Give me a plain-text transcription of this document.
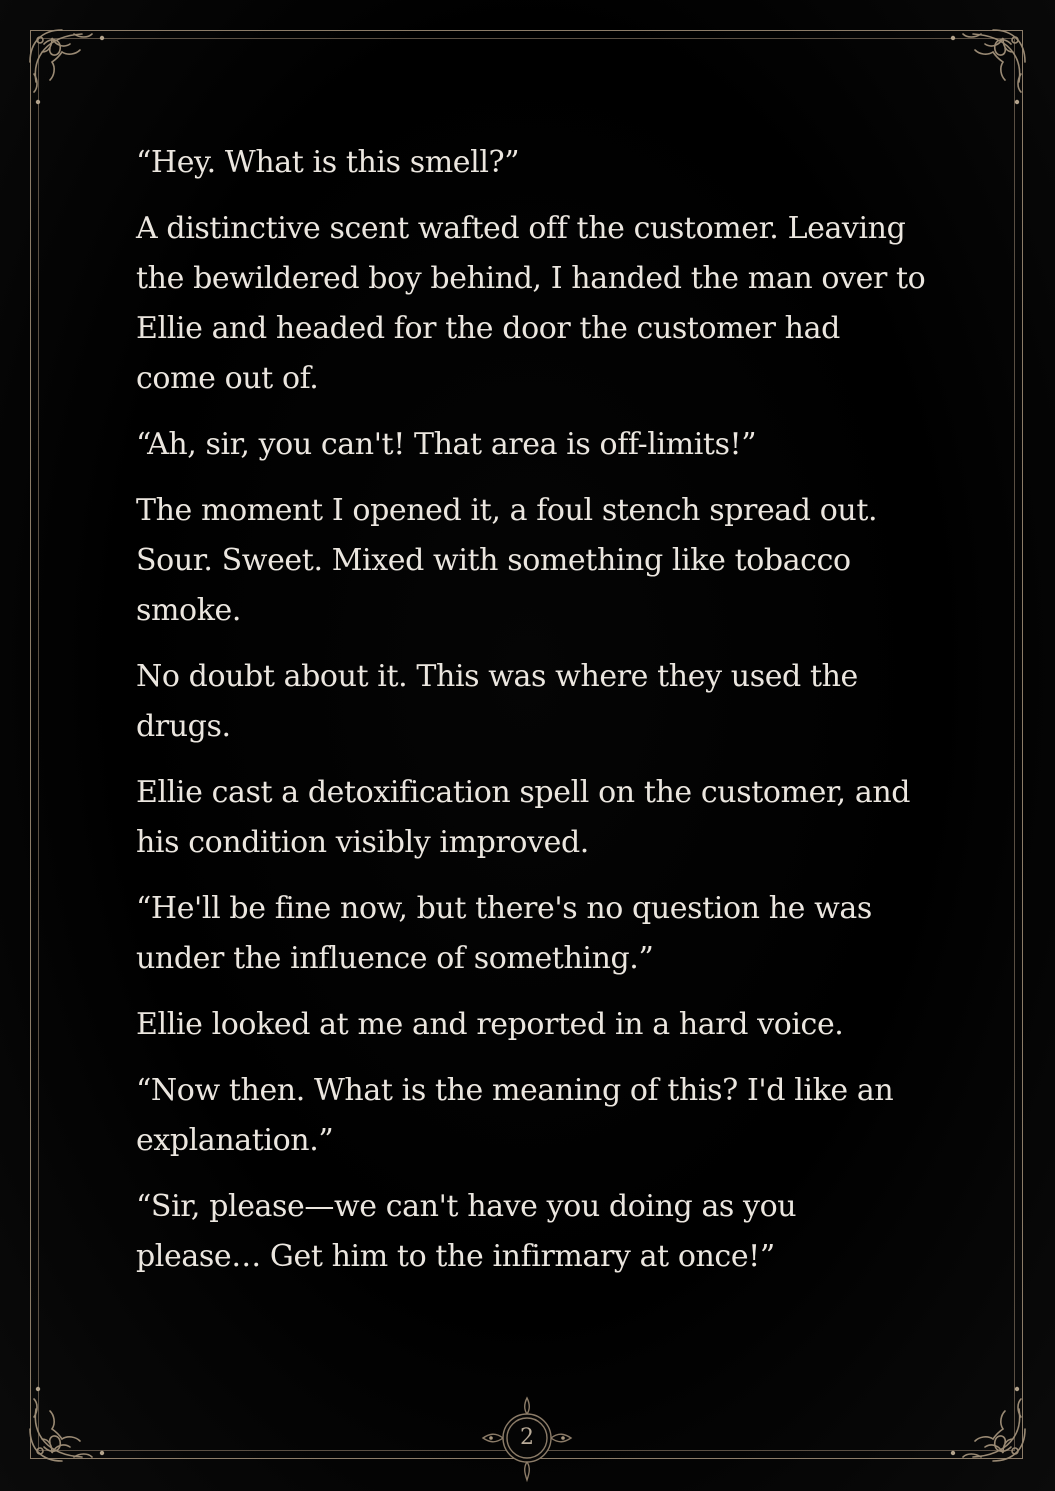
“Hey. What is this smell?”

A distinctive scent wafted off the customer. Leaving the bewildered boy behind, I handed the man over to Ellie and headed for the door the customer had come out of.

“Ah, sir, you can't! That area is off-limits!”

The moment I opened it, a foul stench spread out. Sour. Sweet. Mixed with something like tobacco smoke.

No doubt about it. This was where they used the drugs.

Ellie cast a detoxification spell on the customer, and his condition visibly improved.

“He'll be fine now, but there's no question he was under the influence of something.”

Ellie looked at me and reported in a hard voice.

“Now then. What is the meaning of this? I'd like an explanation.”

“Sir, please—we can't have you doing as you please… Get him to the infirmary at once!”

2
